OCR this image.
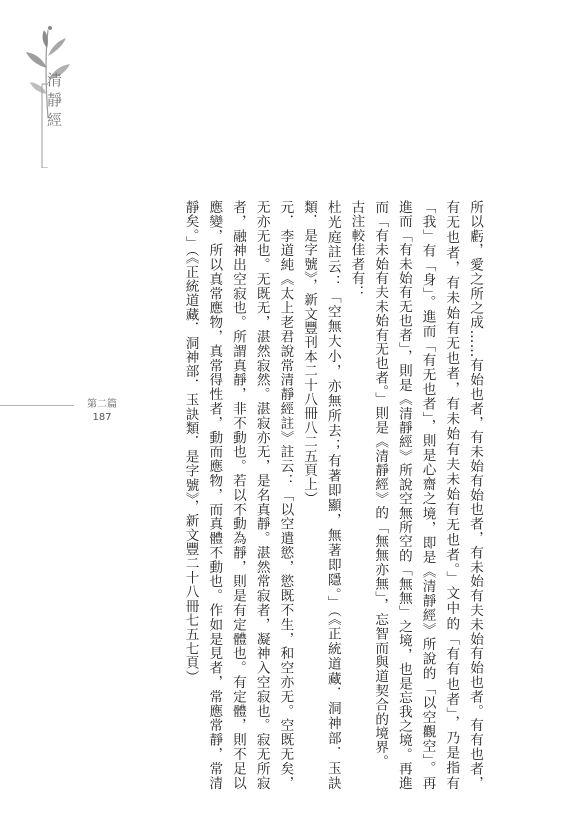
清靜經
第二篇
187	所以虧，愛之所之成……有始也者，有未始有始也者，有未始有夫未始有始也者。有有也者，有无也者，有未始有无也者，有未始有夫未始有无也者。」文中的「有有也者」，乃是指有「我」有「身」。進而「有无也者」，則是心齋之境，即是《清靜經》所說的「以空觀空」。再進而「有未始有无也者」，則是《清靜經》所說空無所空的「無無」之境，也是忘我之境。再進而「有未始有夫未始有无也者。」則是《清靜經》的「無無亦無」，忘智而與道契合的境界。

古注較佳者有：

杜光庭註云：「空無大小，亦無所去；有著即顯，無著即隱。」（《正統道藏．洞神部．玉訣類．是字號》，新文豐刊本二十八冊八二五頁上）

元．李道純《太上老君說常清靜經註》註云：「以空遣慾，慾既不生，和空亦无。空既无矣，无亦无也。无既无，湛然寂然。湛寂亦无，是名真靜。湛然常寂者，凝神入空寂也。寂无所寂者，融神出空寂也。所謂真靜，非不動也。若以不動為靜，則是有定體也。有定體，則不足以應變，所以真常應物，真常得性者，動而應物，而真體不動也。作如是見者，常應常靜，常清靜矣。」（《正統道藏．洞神部．玉訣類．是字號》，新文豐二十八冊七五七頁）
